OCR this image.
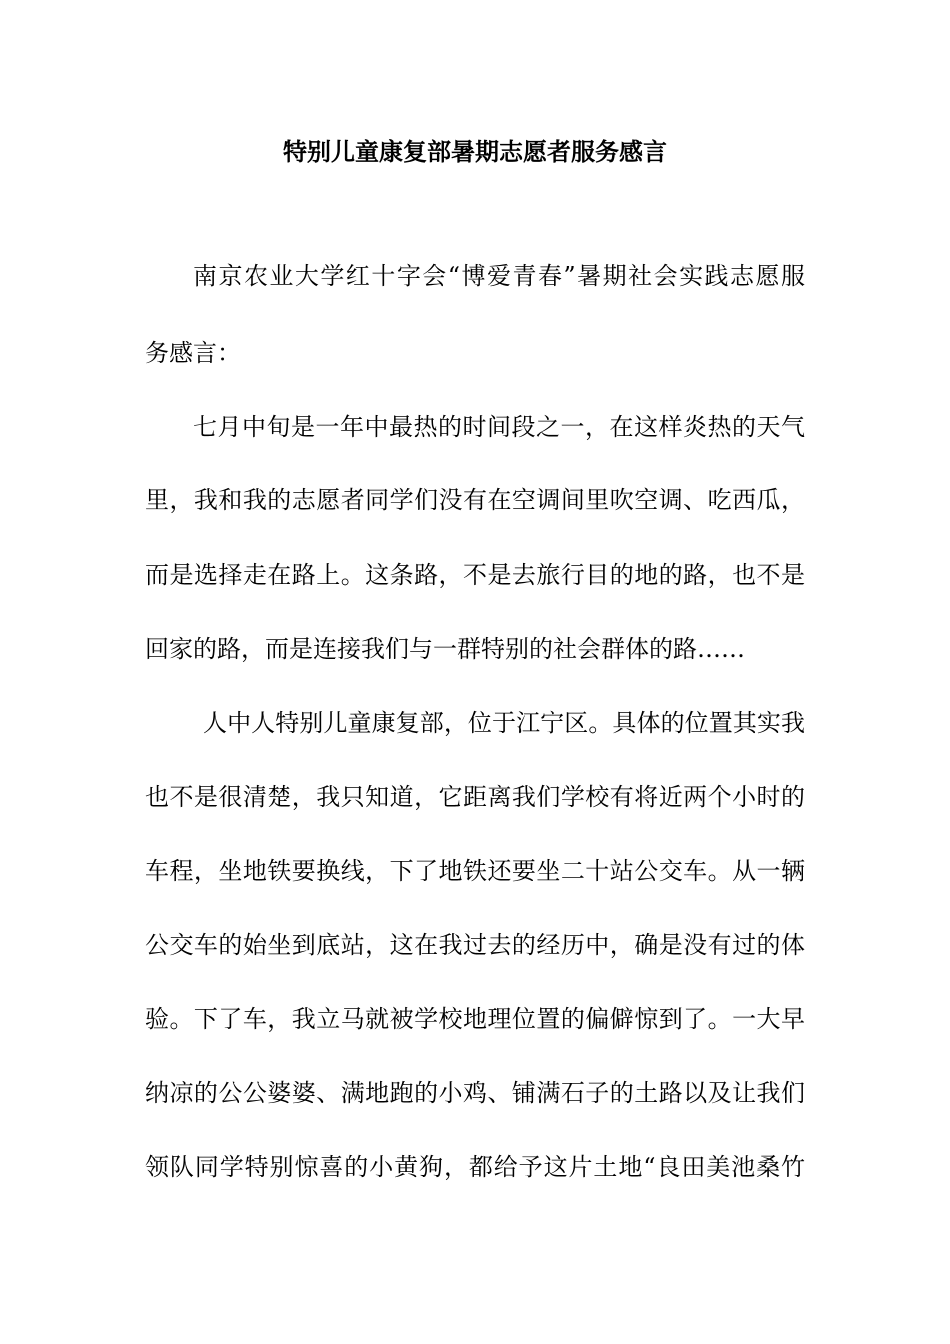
特别儿童康复部暑期志愿者服务感言
南京农业大学红十字会“博爱青春”暑期社会实践志愿服
务感言：
七月中旬是一年中最热的时间段之一，在这样炎热的天气
里，我和我的志愿者同学们没有在空调间里吹空调、吃西瓜，
而是选择走在路上。这条路，不是去旅行目的地的路，也不是
回家的路，而是连接我们与一群特别的社会群体的路……
人中人特别儿童康复部，位于江宁区。具体的位置其实我
也不是很清楚，我只知道，它距离我们学校有将近两个小时的
车程，坐地铁要换线，下了地铁还要坐二十站公交车。从一辆
公交车的始坐到底站，这在我过去的经历中，确是没有过的体
验。下了车，我立马就被学校地理位置的偏僻惊到了。一大早
纳凉的公公婆婆、满地跑的小鸡、铺满石子的土路以及让我们
领队同学特别惊喜的小黄狗，都给予这片土地“良田美池桑竹
